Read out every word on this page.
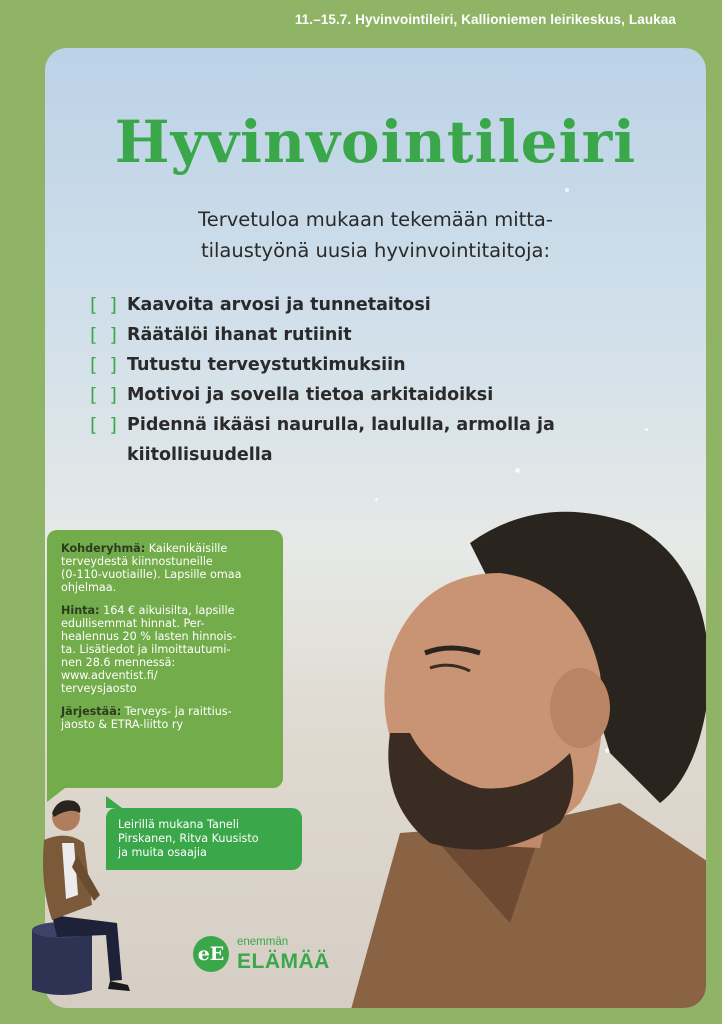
11.–15.7. Hyvinvointileiri, Kallioniemen leirikeskus, Laukaa
Hyvinvointileiri
Tervetuloa mukaan tekemään mitta-
tilaustyönä uusia hyvinvointitaitoja:
[ ] Kaavoita arvosi ja tunnetaitosi
[ ] Räätälöi ihanat rutiinit
[ ] Tutustu terveystutkimuksiin
[ ] Motivoi ja sovella tietoa arkitaidoiksi
[ ] Pidennä ikääsi naurulla, laululla, armolla ja
kiitollisuudella

Kohderyhmä: Kaikenikäisille
terveydestä kiinnostuneille
(0-110-vuotiaille). Lapsille omaa
ohjelmaa.

Hinta: 164 € aikuisilta, lapsille
edullisemmat hinnat. Per-
healennus 20 % lasten hinnois-
ta. Lisätiedot ja ilmoittautumi-
nen 28.6 mennessä:
www.adventist.fi/
terveysjaosto

Järjestää: Terveys- ja raittius-
jaosto & ETRA-liitto ry

Leirillä mukana Taneli
Pirskanen, Ritva Kuusisto
ja muita osaajia
eE
enemmän
ELÄMÄÄ
